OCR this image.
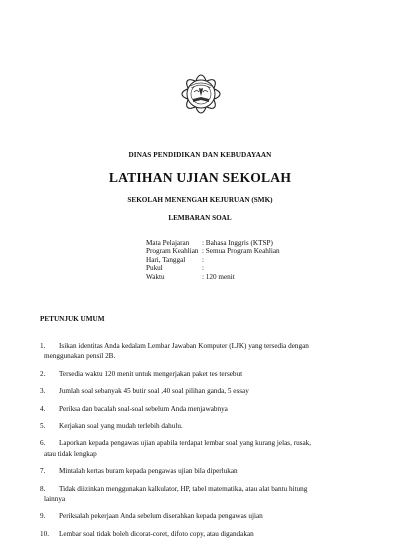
DINAS PENDIDIKAN DAN KEBUDAYAAN
LATIHAN UJIAN SEKOLAH
SEKOLAH MENENGAH KEJURUAN (SMK)
LEMBARAN SOAL
Mata Pelajaran	: Bahasa Inggris (KTSP)
Program Keahlian : Semua Program Keahlian
Hari, Tanggal	:
Pukul	:
Waktu	: 120 menit
PETUNJUK UMUM
1. Isikan identitas Anda kedalam Lembar Jawaban Komputer (LJK) yang tersedia dengan
menggunakan pensil 2B.
2. Tersedia waktu 120 menit untuk mengerjakan paket tes tersebut
3. Jumlah soal sebanyak 45 butir soal ,40 soal pilihan ganda, 5 essay
4. Periksa dan bacalah soal-soal sebelum Anda menjawabnya
5. Kerjakan soal yang mudah terlebih dahulu.
6. Laporkan kepada pengawas ujian apabila terdapat lembar soal yang kurang jelas, rusak,
atau tidak lengkap
7. Mintalah kertas buram kepada pengawas ujian bila diperlukan
8. Tidak diizinkan menggunakan kalkulator, HP, tabel matematika, atau alat bantu hitung
lainnya
9. Periksalah pekerjaan Anda sebelum diserahkan kepada pengawas ujian
10. Lembar soal tidak boleh dicorat-coret, difoto copy, atau digandakan
